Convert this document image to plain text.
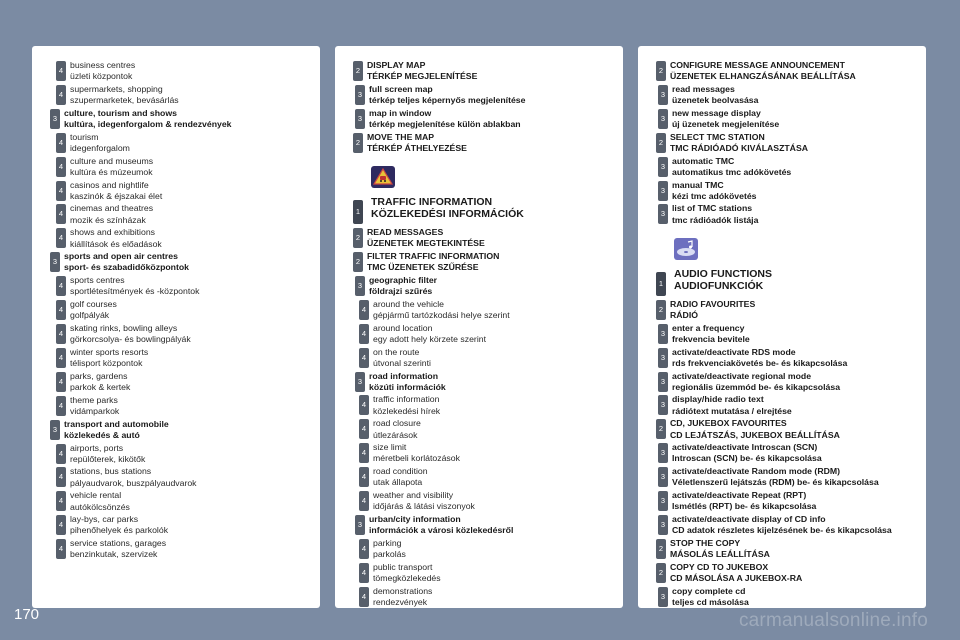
4
business centres
üzleti központok
4
supermarkets, shopping
szupermarketek, bevásárlás
3
culture, tourism and shows
kultúra, idegenforgalom & rendezvények
4
tourism
idegenforgalom
4
culture and museums
kultúra és múzeumok
4
casinos and nightlife
kaszinók & éjszakai élet
4
cinemas and theatres
mozik és színházak
4
shows and exhibitions
kiállítások és előadások
3
sports and open air centres
sport- és szabadidőközpontok
4
sports centres
sportlétesítmények és -központok
4
golf courses
golfpályák
4
skating rinks, bowling alleys
görkorcsolya- és bowlingpályák
4
winter sports resorts
télisport központok
4
parks, gardens
parkok & kertek
4
theme parks
vidámparkok
3
transport and automobile
közlekedés & autó
4
airports, ports
repülőterek, kikötők
4
stations, bus stations
pályaudvarok, buszpályaudvarok
4
vehicle rental
autókölcsönzés
4
lay-bys, car parks
pihenőhelyek és parkolók
4
service stations, garages
benzinkutak, szervizek
2
DISPLAY MAP
TÉRKÉP MEGJELENÍTÉSE
3
full screen map
térkép teljes képernyős megjelenítése
3
map in window
térkép megjelenítése külön ablakban
2
MOVE THE MAP
TÉRKÉP ÁTHELYEZÉSE
1
TRAFFIC INFORMATION
KÖZLEKEDÉSI INFORMÁCIÓK
2
READ MESSAGES
ÜZENETEK MEGTEKINTÉSE
2
FILTER TRAFFIC INFORMATION
TMC ÜZENETEK SZŰRÉSE
3
geographic filter
földrajzi szűrés
4
around the vehicle
gépjármű tartózkodási helye szerint
4
around location
egy adott hely körzete szerint
4
on the route
útvonal szerinti
3
road information
közúti információk
4
traffic information
közlekedési hírek
4
road closure
útlezárások
4
size limit
méretbeli korlátozások
4
road condition
utak állapota
4
weather and visibility
időjárás & látási viszonyok
3
urban/city information
információk a városi közlekedésről
4
parking
parkolás
4
public transport
tömegközlekedés
4
demonstrations
rendezvények
2
CONFIGURE MESSAGE ANNOUNCEMENT
ÜZENETEK ELHANGZÁSÁNAK BEÁLLÍTÁSA
3
read messages
üzenetek beolvasása
3
new message display
új üzenetek megjelenítése
2
SELECT TMC STATION
TMC RÁDIÓADÓ KIVÁLASZTÁSA
3
automatic TMC
automatikus tmc adókövetés
3
manual TMC
kézi tmc adókövetés
3
list of TMC stations
tmc rádióadók listája
1
AUDIO FUNCTIONS
AUDIOFUNKCIÓK
2
RADIO FAVOURITES
RÁDIÓ
3
enter a frequency
frekvencia bevitele
3
activate/deactivate RDS mode
rds frekvenciakövetés be- és kikapcsolása
3
activate/deactivate regional mode
regionális üzemmód be- és kikapcsolása
3
display/hide radio text
rádiótext mutatása / elrejtése
2
CD, JUKEBOX FAVOURITES
CD LEJÁTSZÁS, JUKEBOX BEÁLLÍTÁSA
3
activate/deactivate Introscan (SCN)
Introscan (SCN) be- és kikapcsolása
3
activate/deactivate Random mode (RDM)
Véletlenszerű lejátszás (RDM) be- és kikapcsolása
3
activate/deactivate Repeat (RPT)
Ismétlés (RPT) be- és kikapcsolása
3
activate/deactivate display of CD info
CD adatok részletes kijelzésének be- és kikapcsolása
2
STOP THE COPY
MÁSOLÁS LEÁLLÍTÁSA
2
COPY CD TO JUKEBOX
CD MÁSOLÁSA A JUKEBOX-RA
3
copy complete cd
teljes cd másolása
170	carmanualsonline.info
